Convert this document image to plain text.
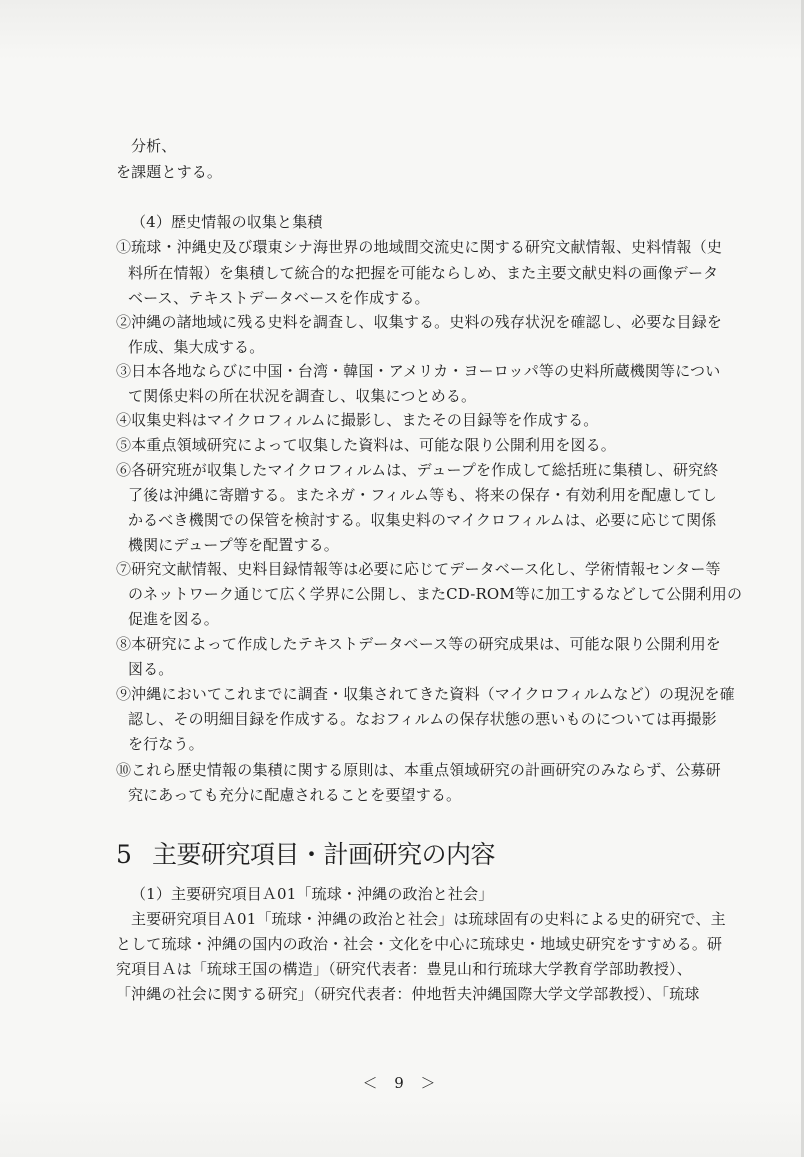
分析、
を課題とする。
（4）歴史情報の収集と集積
①琉球・沖縄史及び環東シナ海世界の地域間交流史に関する研究文献情報、史料情報（史
料所在情報）を集積して統合的な把握を可能ならしめ、また主要文献史料の画像データ
ベース、テキストデータベースを作成する。
②沖縄の諸地域に残る史料を調査し、収集する。史料の残存状況を確認し、必要な目録を
作成、集大成する。
③日本各地ならびに中国・台湾・韓国・アメリカ・ヨーロッパ等の史料所蔵機関等につい
て関係史料の所在状況を調査し、収集につとめる。
④収集史料はマイクロフィルムに撮影し、またその目録等を作成する。
⑤本重点領域研究によって収集した資料は、可能な限り公開利用を図る。
⑥各研究班が収集したマイクロフィルムは、デュープを作成して総括班に集積し、研究終
了後は沖縄に寄贈する。またネガ・フィルム等も、将来の保存・有効利用を配慮してし
かるべき機関での保管を検討する。収集史料のマイクロフィルムは、必要に応じて関係
機関にデュープ等を配置する。
⑦研究文献情報、史料目録情報等は必要に応じてデータベース化し、学術情報センター等
のネットワーク通じて広く学界に公開し、またCD-ROM等に加工するなどして公開利用の
促進を図る。
⑧本研究によって作成したテキストデータベース等の研究成果は、可能な限り公開利用を
図る。
⑨沖縄においてこれまでに調査・収集されてきた資料（マイクロフィルムなど）の現況を確
認し、その明細目録を作成する。なおフィルムの保存状態の悪いものについては再撮影
を行なう。
⑩これら歴史情報の集積に関する原則は、本重点領域研究の計画研究のみならず、公募研
究にあっても充分に配慮されることを要望する。
5 主要研究項目・計画研究の内容
（1）主要研究項目Ａ01「琉球・沖縄の政治と社会」
主要研究項目Ａ01「琉球・沖縄の政治と社会」は琉球固有の史料による史的研究で、主
として琉球・沖縄の国内の政治・社会・文化を中心に琉球史・地域史研究をすすめる。研
究項目Ａは「琉球王国の構造」（研究代表者：豊見山和行琉球大学教育学部助教授）、
「沖縄の社会に関する研究」（研究代表者：仲地哲夫沖縄国際大学文学部教授）、「琉球
＜ 9 ＞
